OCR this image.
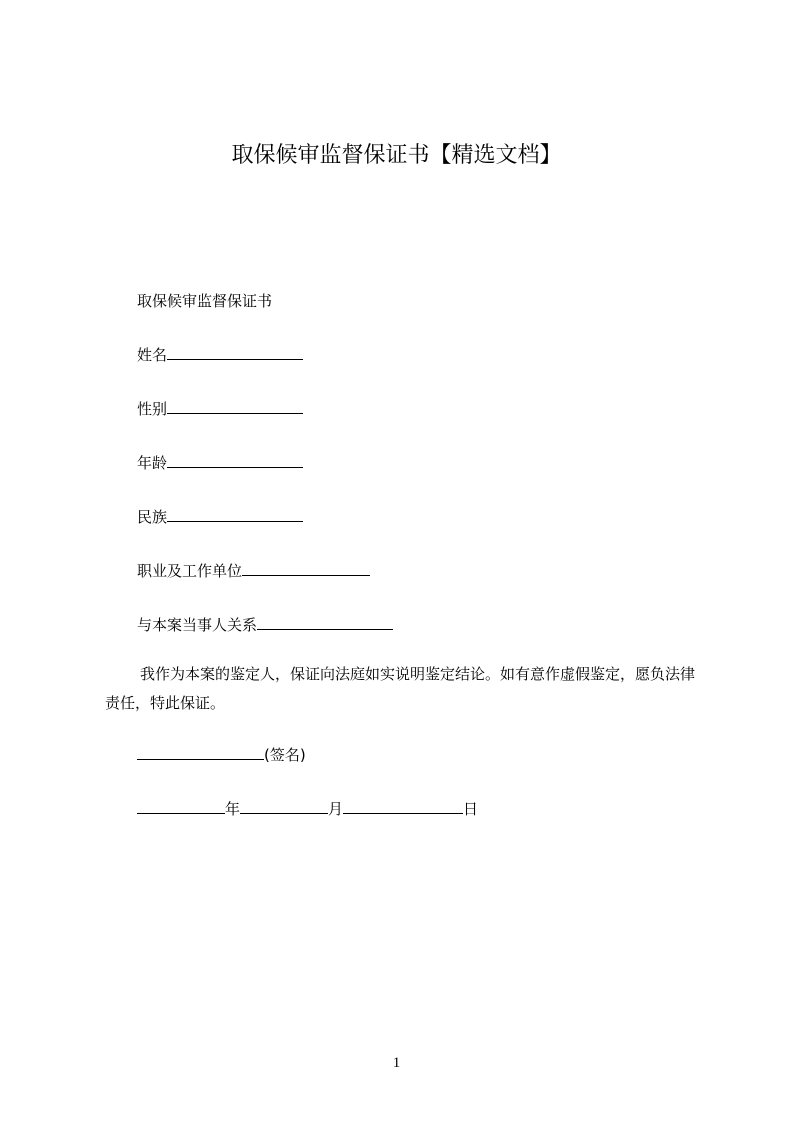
取保候审监督保证书【精选文档】
取保候审监督保证书
姓名
性别
年龄
民族
职业及工作单位
与本案当事人关系
我作为本案的鉴定人，保证向法庭如实说明鉴定结论。如有意作虚假鉴定，愿负法律责任，特此保证。
(签名)
年	月	日
1
